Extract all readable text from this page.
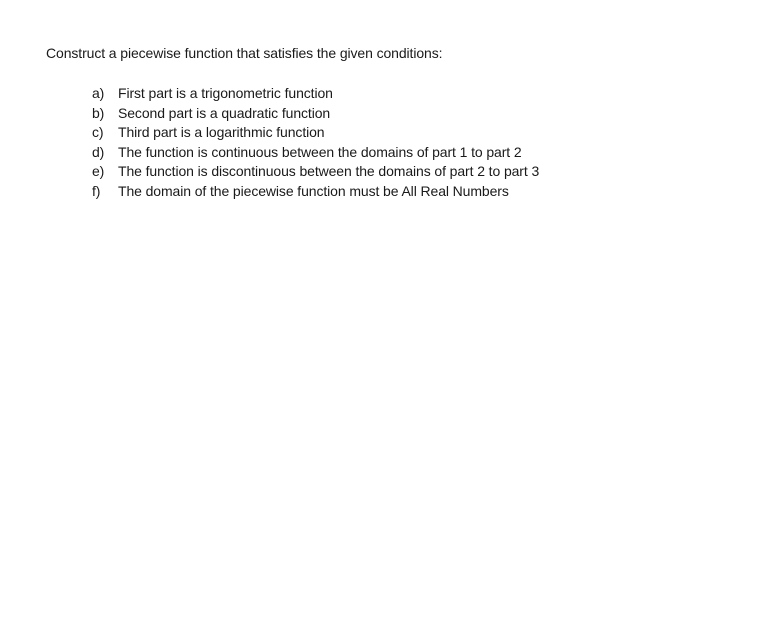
Construct a piecewise function that satisfies the given conditions:
a) First part is a trigonometric function
b) Second part is a quadratic function
c)	Third part is a logarithmic function
d) The function is continuous between the domains of part 1 to part 2
e) The function is discontinuous between the domains of part 2 to part 3
f)	The domain of the piecewise function must be All Real Numbers
